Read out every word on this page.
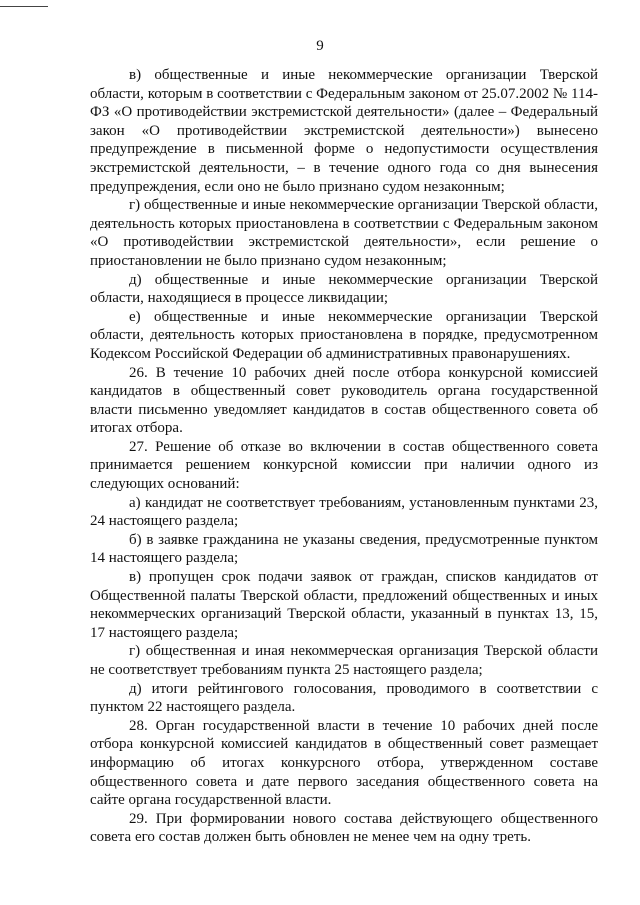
9

в) общественные и иные некоммерческие организации Тверской области, которым в соответствии с Федеральным законом от 25.07.2002 № 114-ФЗ «О противодействии экстремистской деятельности» (далее – Федеральный закон «О противодействии экстремистской деятельности») вынесено предупреждение в письменной форме о недопустимости осуществления экстремистской деятельности, – в течение одного года со дня вынесения предупреждения, если оно не было признано судом незаконным;

г) общественные и иные некоммерческие организации Тверской области, деятельность которых приостановлена в соответствии с Федеральным законом «О противодействии экстремистской деятельности», если решение о приостановлении не было признано судом незаконным;

д) общественные и иные некоммерческие организации Тверской области, находящиеся в процессе ликвидации;

е) общественные и иные некоммерческие организации Тверской области, деятельность которых приостановлена в порядке, предусмотренном Кодексом Российской Федерации об административных правонарушениях.

26. В течение 10 рабочих дней после отбора конкурсной комиссией кандидатов в общественный совет руководитель органа государственной власти письменно уведомляет кандидатов в состав общественного совета об итогах отбора.

27. Решение об отказе во включении в состав общественного совета принимается решением конкурсной комиссии при наличии одного из следующих оснований:

а) кандидат не соответствует требованиям, установленным пунктами 23, 24 настоящего раздела;

б) в заявке гражданина не указаны сведения, предусмотренные пунктом 14 настоящего раздела;

в) пропущен срок подачи заявок от граждан, списков кандидатов от Общественной палаты Тверской области, предложений общественных и иных некоммерческих организаций Тверской области, указанный в пунктах 13, 15, 17 настоящего раздела;

г) общественная и иная некоммерческая организация Тверской области не соответствует требованиям пункта 25 настоящего раздела;

д) итоги рейтингового голосования, проводимого в соответствии с пунктом 22 настоящего раздела.

28. Орган государственной власти в течение 10 рабочих дней после отбора конкурсной комиссией кандидатов в общественный совет размещает информацию об итогах конкурсного отбора, утвержденном составе общественного совета и дате первого заседания общественного совета на сайте органа государственной власти.

29. При формировании нового состава действующего общественного совета его состав должен быть обновлен не менее чем на одну треть.
